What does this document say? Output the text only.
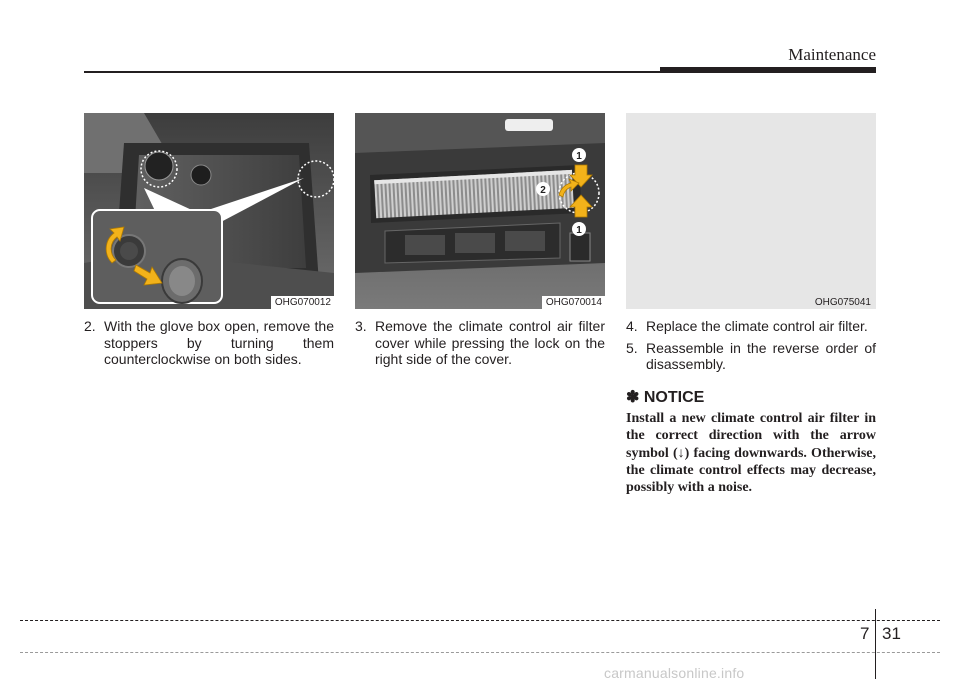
Maintenance
OHG070012
1
2
1
OHG070014	OHG075041
2. With the glove box open, remove the stoppers by turning them counterclockwise on both sides.
3. Remove the climate control air filter cover while pressing the lock on the right side of the cover.
4. Replace the climate control air filter.
5. Reassemble in the reverse order of disassembly.
✽ NOTICE
Install a new climate control air filter in the correct direction with the arrow symbol (↓) facing downwards. Otherwise, the climate control effects may decrease, possibly with a noise.
7 31
carmanualsonline.info
